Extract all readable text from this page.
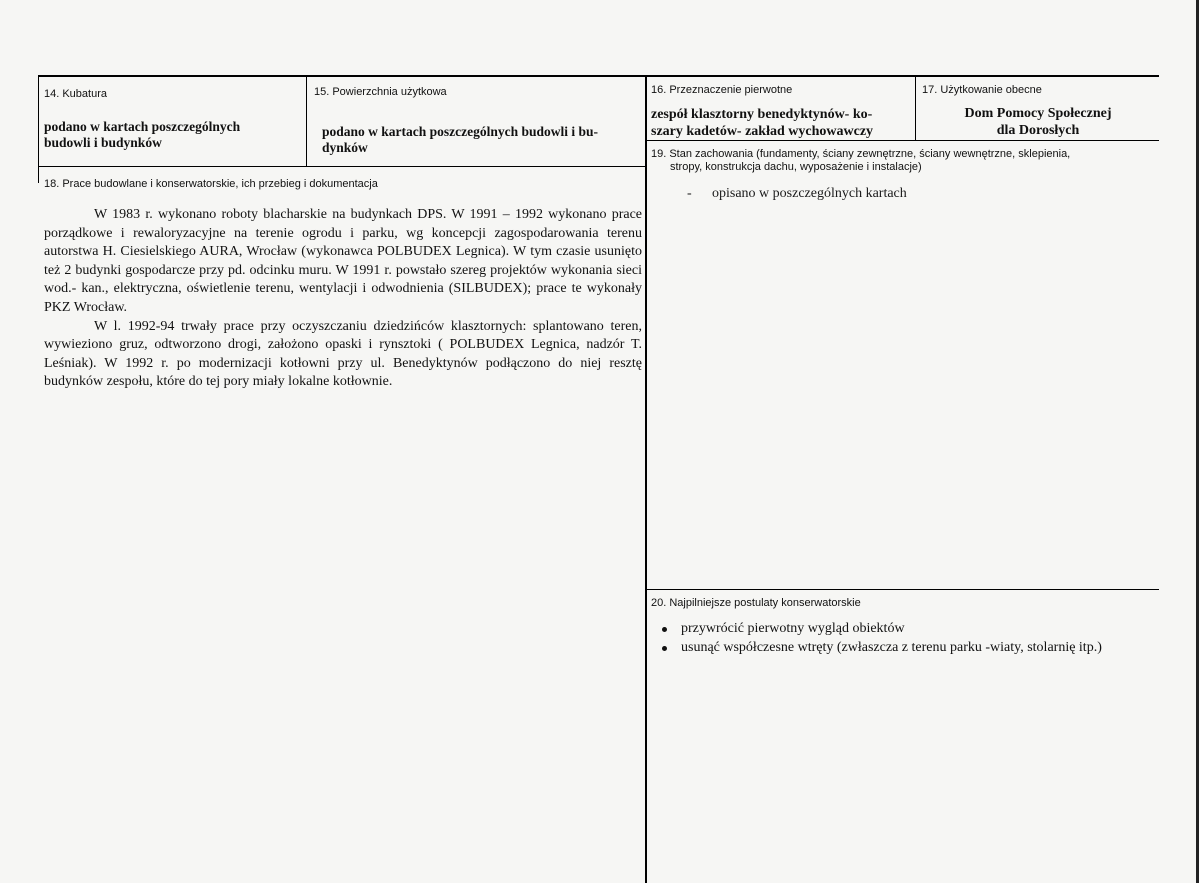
14. Kubatura
podano w kartach poszczególnych
budowli i budynków
15. Powierzchnia użytkowa
podano w kartach poszczególnych budowli i bu-
dynków
16. Przeznaczenie pierwotne
zespół klasztorny benedyktynów- ko-
szary kadetów- zakład wychowawczy
17. Użytkowanie obecne
Dom Pomocy Społecznej
dla Dorosłych
18. Prace budowlane i konserwatorskie, ich przebieg i dokumentacja

W 1983 r. wykonano roboty blacharskie na budynkach DPS. W 1991 – 1992 wykonano prace porządkowe i rewaloryzacyjne na terenie ogrodu i parku, wg koncepcji zagospodarowania terenu autorstwa H. Ciesielskiego AURA, Wrocław (wykonawca POLBUDEX Legnica). W tym czasie usunięto też 2 budynki gospodarcze przy pd. odcinku muru. W 1991 r. powstało szereg projektów wykonania sieci wod.- kan., elektryczna, oświetlenie terenu, wentylacji i odwodnienia (SILBUDEX); prace te wykonały PKZ Wrocław.

W l. 1992-94 trwały prace przy oczyszczaniu dziedzińców klasztornych: splantowano teren, wywieziono gruz, odtworzono drogi, założono opaski i rynsztoki ( POLBUDEX Legnica, nadzór T. Leśniak). W 1992 r. po modernizacji kotłowni przy ul. Benedyktynów podłączono do niej resztę budynków zespołu, które do tej pory miały lokalne kotłownie.

19. Stan zachowania (fundamenty, ściany zewnętrzne, ściany wewnętrzne, sklepienia,
stropy, konstrukcja dachu, wyposażenie i instalacje)
- opisano w poszczególnych kartach
20. Najpilniejsze postulaty konserwatorskie
przywrócić pierwotny wygląd obiektów
usunąć współczesne wtręty (zwłaszcza z terenu parku -wiaty, stolarnię itp.)
